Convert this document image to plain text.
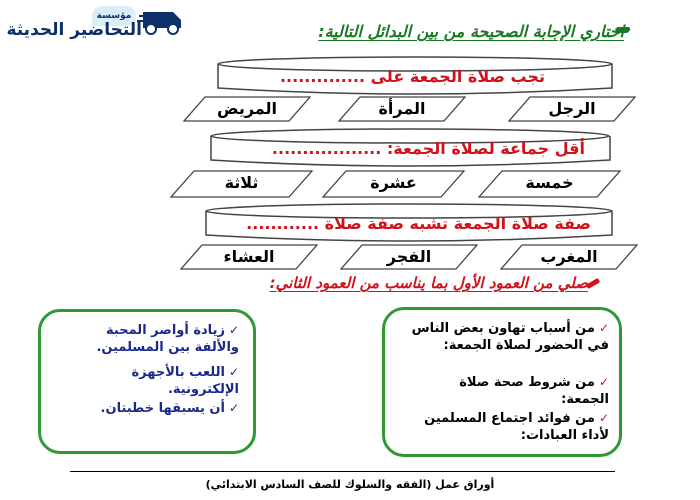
مؤسسة
التحاضير الحديثة	اختاري الإجابة الصحيحة من بين البدائل التالية:
تجب صلاة الجمعة على ..............
الرجل
المرأة
المريض
أقل جماعة لصلاة الجمعة: ..................
خمسة
عشرة
ثلاثة
صفة صلاة الجمعة تشبه صفة صلاة ............
المغرب
الفجر
العشاء
صلي من العمود الأول بما يناسب من العمود الثاني:
✓من أسباب تهاون بعض الناس في الحضور لصلاة الجمعة:
✓من شروط صحة صلاة الجمعة:
✓من فوائد اجتماع المسلمين لأداء العبادات:
✓زيادة أواصر المحبة والألفة بين المسلمين.
✓اللعب بالأجهزة الإلكترونية.
✓أن يسبقها خطبتان.
أوراق عمل (الفقه والسلوك للصف السادس الابتدائي)
